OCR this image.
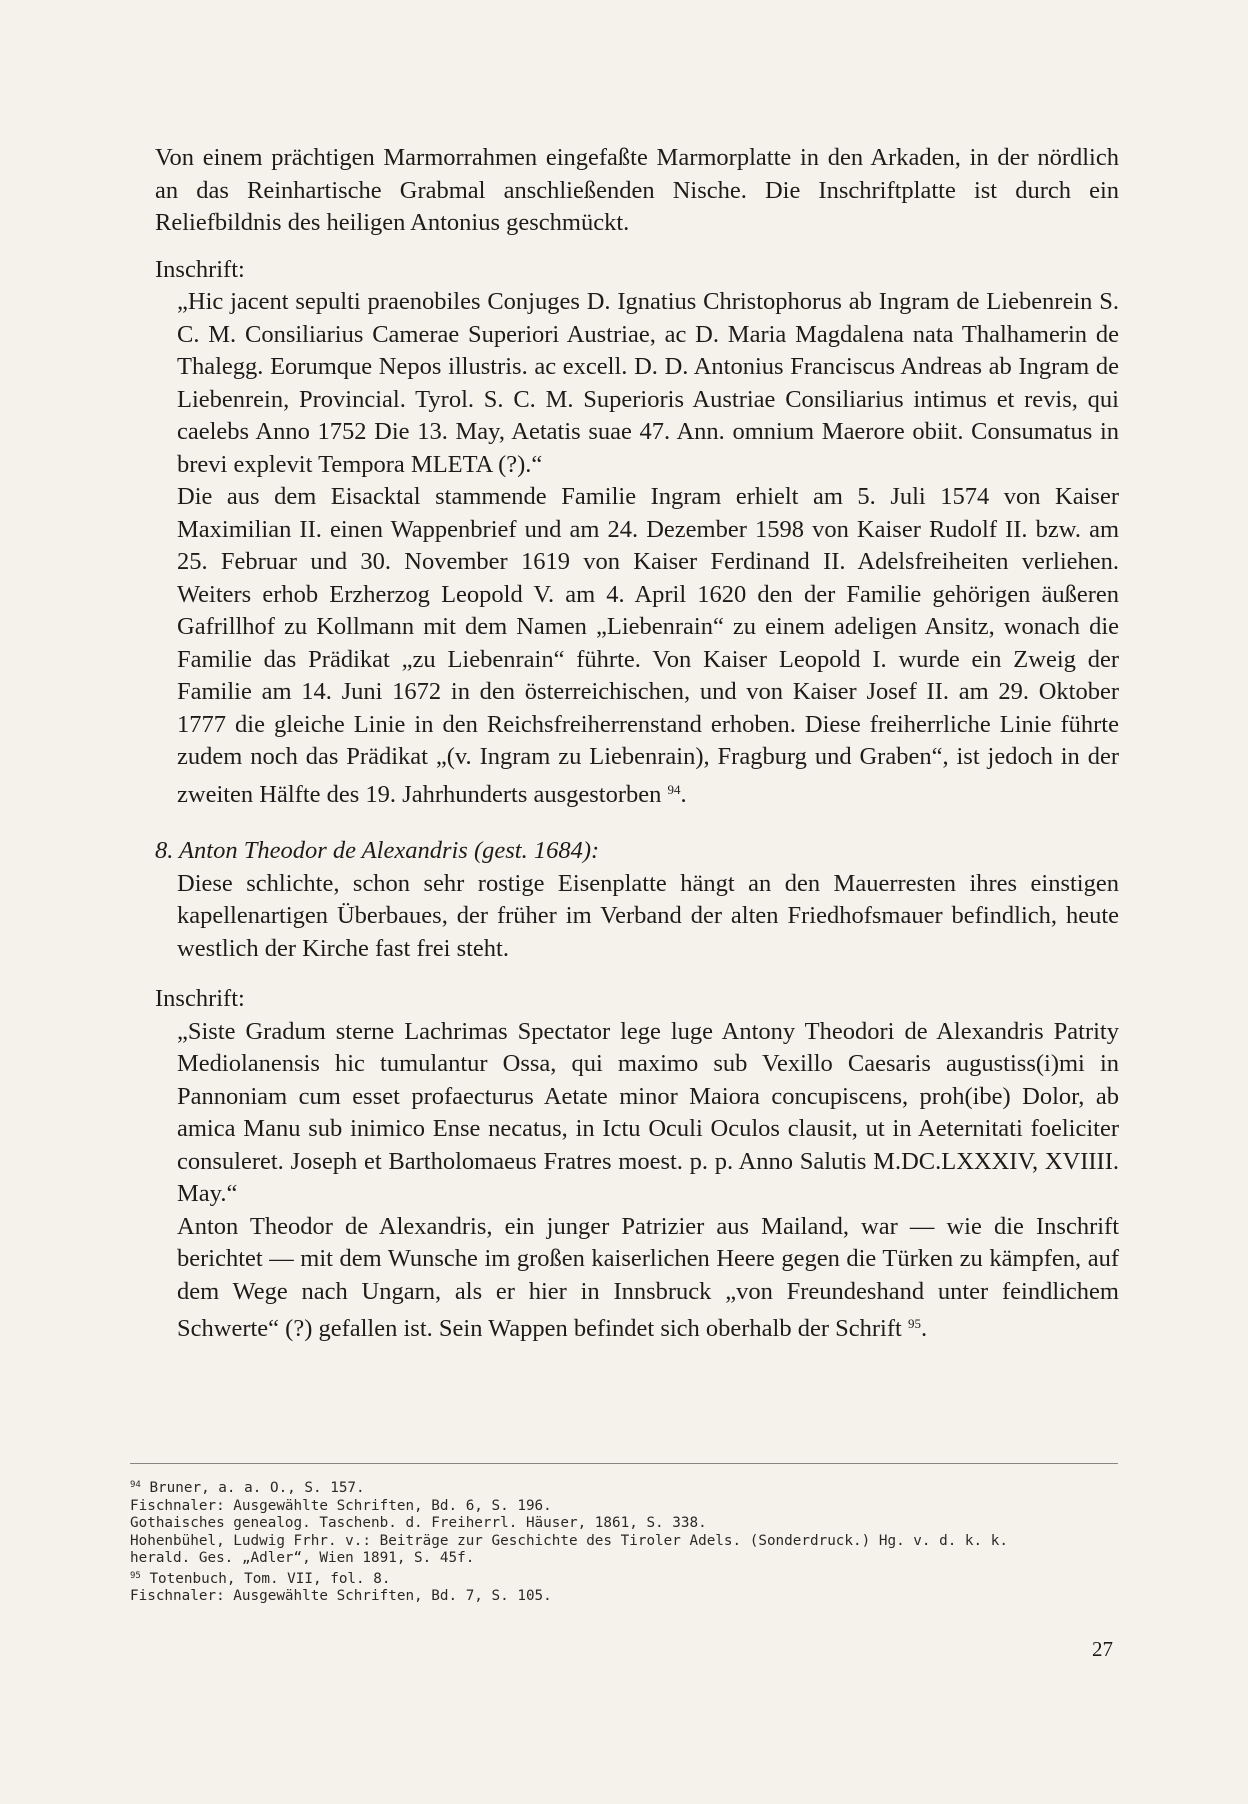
Von einem prächtigen Marmorrahmen eingefaßte Marmorplatte in den Arkaden, in der nördlich an das Reinhartische Grabmal anschließenden Nische. Die Inschriftplatte ist durch ein Reliefbildnis des heiligen Antonius geschmückt.

Inschrift:

„Hic jacent sepulti praenobiles Conjuges D. Ignatius Christophorus ab Ingram de Liebenrein S. C. M. Consiliarius Camerae Superiori Austriae, ac D. Maria Magdalena nata Thalhamerin de Thalegg. Eorumque Nepos illustris. ac excell. D. D. Antonius Franciscus Andreas ab Ingram de Liebenrein, Provincial. Tyrol. S. C. M. Superioris Austriae Consiliarius intimus et revis, qui caelebs Anno 1752 Die 13. May, Aetatis suae 47. Ann. omnium Maerore obiit. Consumatus in brevi explevit Tempora MLETA (?).“

Die aus dem Eisacktal stammende Familie Ingram erhielt am 5. Juli 1574 von Kaiser Maximilian II. einen Wappenbrief und am 24. Dezember 1598 von Kaiser Rudolf II. bzw. am 25. Februar und 30. November 1619 von Kaiser Ferdinand II. Adelsfreiheiten verliehen. Weiters erhob Erzherzog Leopold V. am 4. April 1620 den der Familie gehörigen äußeren Gafrillhof zu Kollmann mit dem Namen „Liebenrain“ zu einem adeligen Ansitz, wonach die Familie das Prädikat „zu Liebenrain“ führte. Von Kaiser Leopold I. wurde ein Zweig der Familie am 14. Juni 1672 in den österreichischen, und von Kaiser Josef II. am 29. Oktober 1777 die gleiche Linie in den Reichsfreiherrenstand erhoben. Diese freiherrliche Linie führte zudem noch das Prädikat „(v. Ingram zu Liebenrain), Fragburg und Graben“, ist jedoch in der zweiten Hälfte des 19. Jahrhunderts ausgestorben $^{94}$.

8. Anton Theodor de Alexandris (gest. 1684):

Diese schlichte, schon sehr rostige Eisenplatte hängt an den Mauerresten ihres einstigen kapellenartigen Überbaues, der früher im Verband der alten Friedhofsmauer befindlich, heute westlich der Kirche fast frei steht.

Inschrift:

„Siste Gradum sterne Lachrimas Spectator lege luge Antony Theodori de Alexandris Patrity Mediolanensis hic tumulantur Ossa, qui maximo sub Vexillo Caesaris augustiss(i)mi in Pannoniam cum esset profaecturus Aetate minor Maiora concupiscens, proh(ibe) Dolor, ab amica Manu sub inimico Ense necatus, in Ictu Oculi Oculos clausit, ut in Aeternitati foeliciter consuleret. Joseph et Bartholomaeus Fratres moest. p. p. Anno Salutis M.DC.LXXXIV, XVIIII. May.“

Anton Theodor de Alexandris, ein junger Patrizier aus Mailand, war — wie die Inschrift berichtet — mit dem Wunsche im großen kaiserlichen Heere gegen die Türken zu kämpfen, auf dem Wege nach Ungarn, als er hier in Innsbruck „von Freundeshand unter feindlichem Schwerte“ (?) gefallen ist. Sein Wappen befindet sich oberhalb der Schrift $^{95}$.

$^{94}$ Bruner, a. a. O., S. 157.
Fischnaler: Ausgewählte Schriften, Bd. 6, S. 196.
Gothaisches genealog. Taschenb. d. Freiherrl. Häuser, 1861, S. 338.
Hohenbühel, Ludwig Frhr. v.: Beiträge zur Geschichte des Tiroler Adels. (Sonderdruck.) Hg. v. d. k. k.
herald. Ges. „Adler“, Wien 1891, S. 45f.
$^{95}$ Totenbuch, Tom. VII, fol. 8.
Fischnaler: Ausgewählte Schriften, Bd. 7, S. 105.
27
